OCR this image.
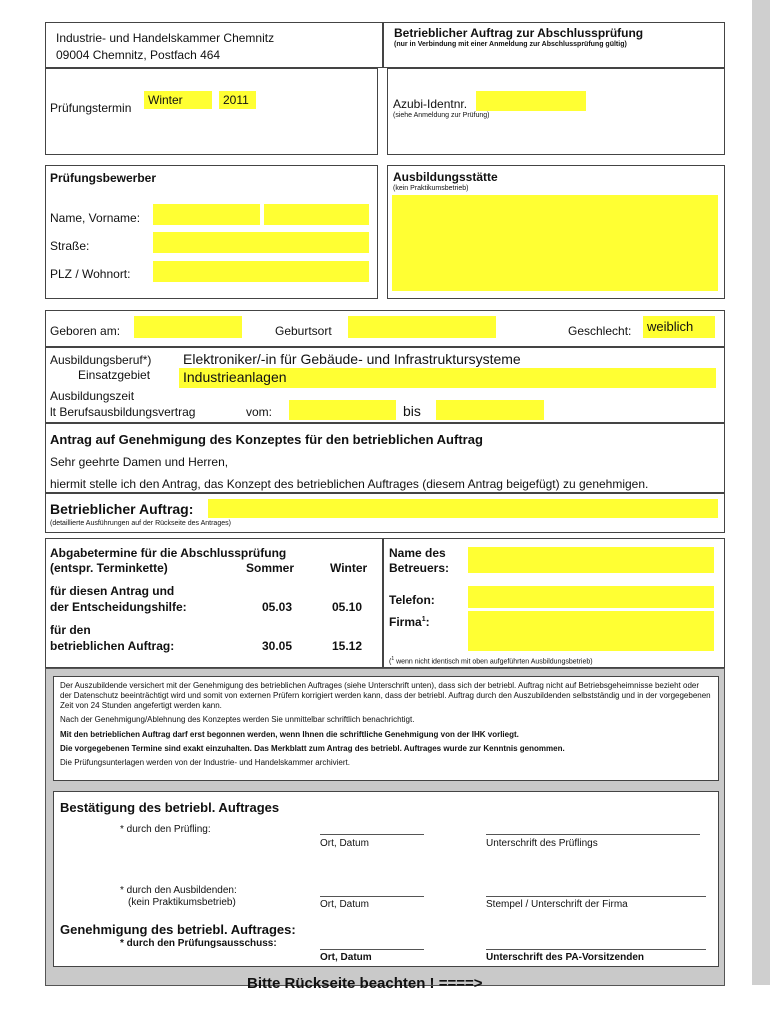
Industrie- und Handelskammer Chemnitz
09004 Chemnitz, Postfach 464
Betrieblicher Auftrag zur Abschlussprüfung
(nur in Verbindung mit einer Anmeldung zur Abschlussprüfung gültig)
Prüfungstermin
Winter	2011	Azubi-Identnr.
(siehe Anmeldung zur Prüfung)
Prüfungsbewerber
Name, Vorname:
Straße:
PLZ / Wohnort:
Ausbildungsstätte
(kein Praktikumsbetrieb)
Geboren am:	Geburtsort	Geschlecht:	weiblich
Ausbildungsberuf*) Elektroniker/-in für Gebäude- und Infrastruktursysteme
Einsatzgebiet Industrieanlagen
Ausbildungszeit
lt Berufsausbildungsvertrag	vom:	bis
Antrag auf Genehmigung des Konzeptes für den betrieblichen Auftrag
Sehr geehrte Damen und Herren,
hiermit stelle ich den Antrag, das Konzept des betrieblichen Auftrages (diesem Antrag beigefügt) zu genehmigen.
Betrieblicher Auftrag:
(detaillierte Ausführungen auf der Rückseite des Antrages)
Abgabetermine für die Abschlussprüfung
(entspr. Terminkette)	Sommer	Winter
für diesen Antrag und
der Entscheidungshilfe:	05.03	05.10
für den
betrieblichen Auftrag:	30.05	15.12
Name des
Betreuers:
Telefon:
Firma$^1$:
($^1$ wenn nicht identisch mit oben aufgeführten Ausbildungsbetrieb)
Der Auszubildende versichert mit der Genehmigung des betrieblichen Auftrages (siehe Unterschrift unten), dass sich der betriebl. Auftrag nicht auf Betriebsgeheimnisse bezieht oder der Datenschutz beeinträchtigt wird und somit von externen Prüfern korrigiert werden kann, dass der betriebl. Auftrag durch den Auszubildenden selbstständig und in der vorgegebenen Zeit von 24 Stunden angefertigt werden kann.
Nach der Genehmigung/Ablehnung des Konzeptes werden Sie unmittelbar schriftlich benachrichtigt.
Mit den betrieblichen Auftrag darf erst begonnen werden, wenn Ihnen die schriftliche Genehmigung von der IHK vorliegt.
Die vorgegebenen Termine sind exakt einzuhalten. Das Merkblatt zum Antrag des betriebl. Auftrages wurde zur Kenntnis genommen.
Die Prüfungsunterlagen werden von der Industrie- und Handelskammer archiviert.
Bestätigung des betriebl. Auftrages
* durch den Prüfling:
Ort, Datum	Unterschrift des Prüflings
* durch den Ausbildenden:
(kein Praktikumsbetrieb)	Ort, Datum	Stempel / Unterschrift der Firma
Genehmigung des betriebl. Auftrages:
* durch den Prüfungsausschuss:
Ort, Datum	Unterschrift des PA-Vorsitzenden
Bitte Rückseite beachten ! ====>
